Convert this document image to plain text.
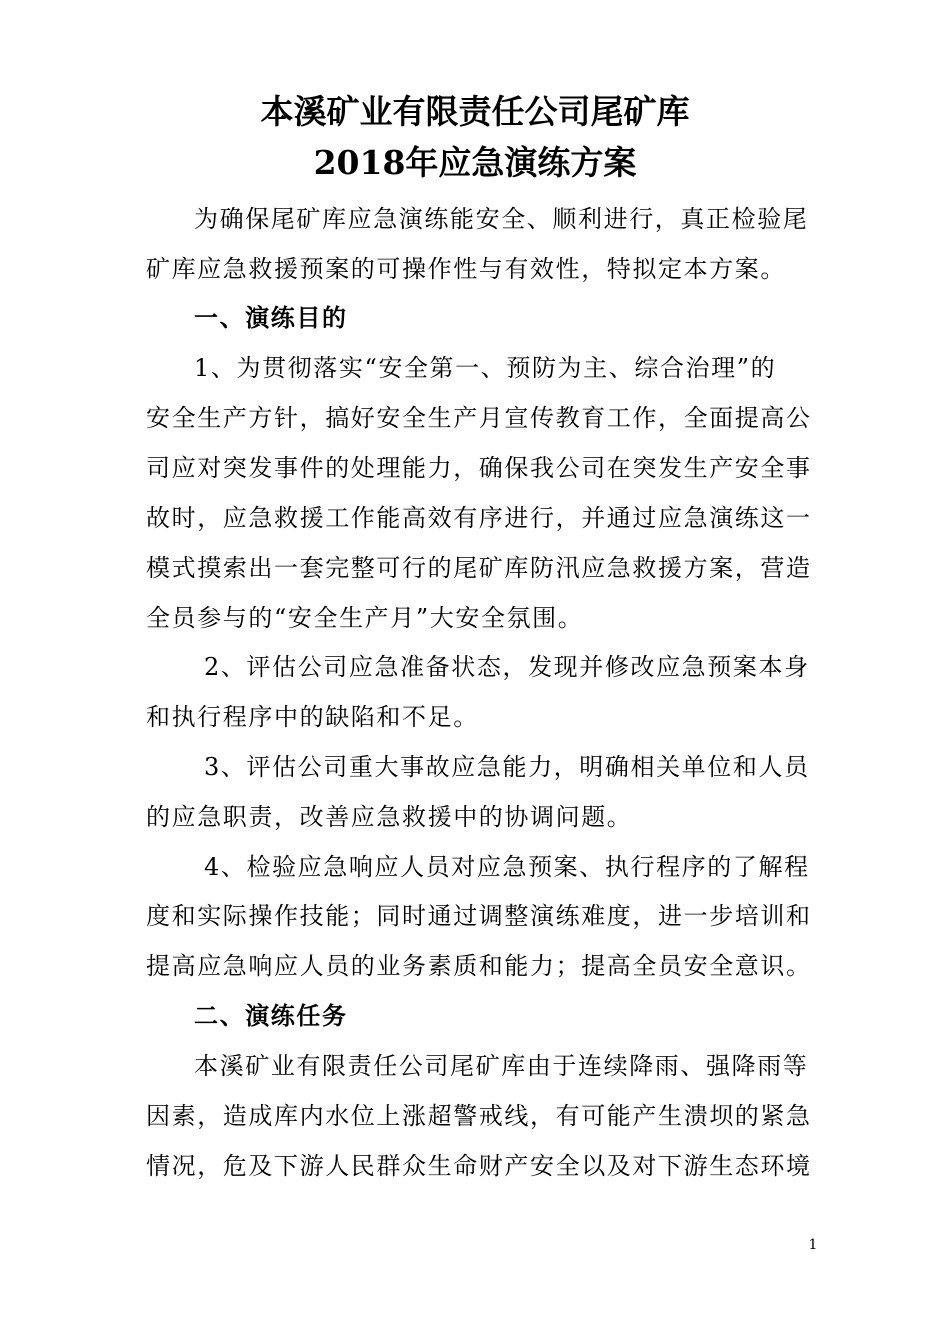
本溪矿业有限责任公司尾矿库
2018年应急演练方案
为确保尾矿库应急演练能安全、顺利进行，真正检验尾
矿库应急救援预案的可操作性与有效性，特拟定本方案。
一、演练目的
1、为贯彻落实“安全第一、预防为主、综合治理”的
安全生产方针，搞好安全生产月宣传教育工作，全面提高公
司应对突发事件的处理能力，确保我公司在突发生产安全事
故时，应急救援工作能高效有序进行，并通过应急演练这一
模式摸索出一套完整可行的尾矿库防汛应急救援方案，营造
全员参与的“安全生产月”大安全氛围。
2、评估公司应急准备状态，发现并修改应急预案本身
和执行程序中的缺陷和不足。
3、评估公司重大事故应急能力，明确相关单位和人员
的应急职责，改善应急救援中的协调问题。
4、检验应急响应人员对应急预案、执行程序的了解程
度和实际操作技能；同时通过调整演练难度，进一步培训和
提高应急响应人员的业务素质和能力；提高全员安全意识。
二、演练任务
本溪矿业有限责任公司尾矿库由于连续降雨、强降雨等
因素，造成库内水位上涨超警戒线，有可能产生溃坝的紧急
情况，危及下游人民群众生命财产安全以及对下游生态环境
1
